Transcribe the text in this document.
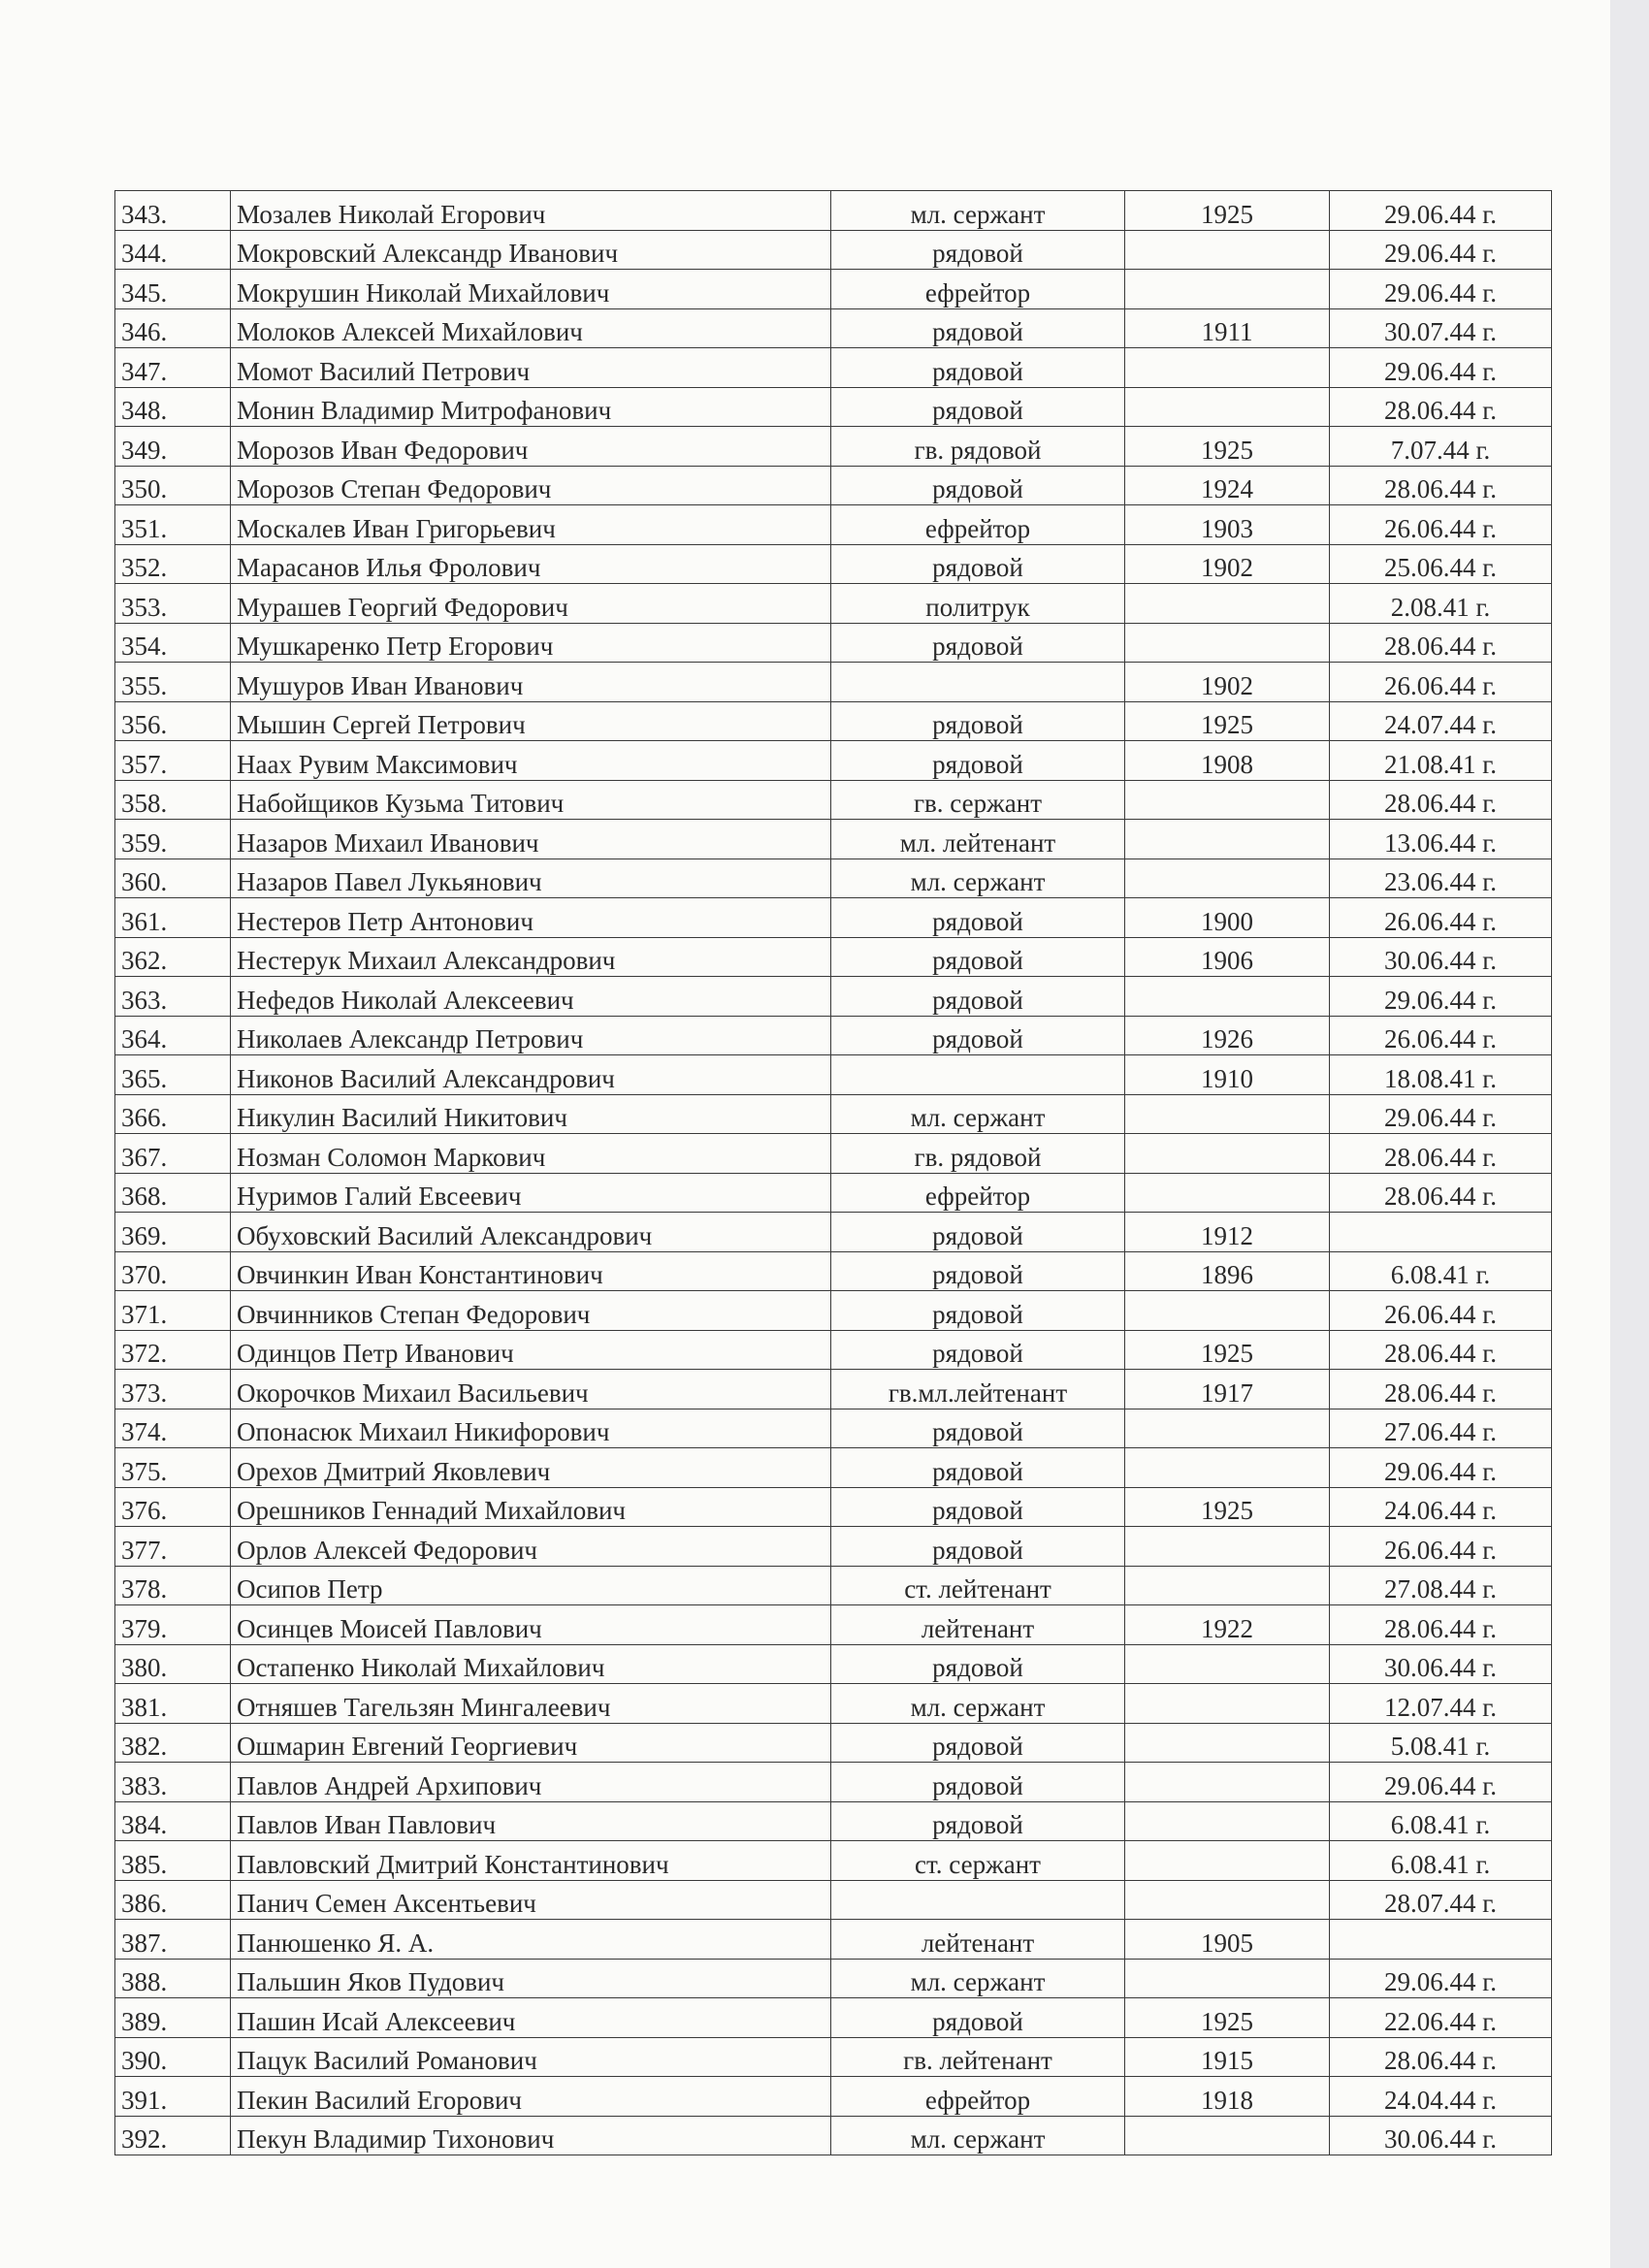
343.	Мозалев Николай Егорович	мл. сержант	1925	29.06.44 г.
344.	Мокровский Александр Иванович	рядовой		29.06.44 г.
345.	Мокрушин Николай Михайлович	ефрейтор		29.06.44 г.
346.	Молоков Алексей Михайлович	рядовой	1911	30.07.44 г.
347.	Момот Василий Петрович	рядовой		29.06.44 г.
348.	Монин Владимир Митрофанович	рядовой		28.06.44 г.
349.	Морозов Иван Федорович	гв. рядовой	1925	7.07.44 г.
350.	Морозов Степан Федорович	рядовой	1924	28.06.44 г.
351.	Москалев Иван Григорьевич	ефрейтор	1903	26.06.44 г.
352.	Марасанов Илья Фролович	рядовой	1902	25.06.44 г.
353.	Мурашев Георгий Федорович	политрук		2.08.41 г.
354.	Мушкаренко Петр Егорович	рядовой		28.06.44 г.
355.	Мушуров Иван Иванович		1902	26.06.44 г.
356.	Мышин Сергей Петрович	рядовой	1925	24.07.44 г.
357.	Наах Рувим Максимович	рядовой	1908	21.08.41 г.
358.	Набойщиков Кузьма Титович	гв. сержант		28.06.44 г.
359.	Назаров Михаил Иванович	мл. лейтенант		13.06.44 г.
360.	Назаров Павел Лукьянович	мл. сержант		23.06.44 г.
361.	Нестеров Петр Антонович	рядовой	1900	26.06.44 г.
362.	Нестерук Михаил Александрович	рядовой	1906	30.06.44 г.
363.	Нефедов Николай Алексеевич	рядовой		29.06.44 г.
364.	Николаев Александр Петрович	рядовой	1926	26.06.44 г.
365.	Никонов Василий Александрович		1910	18.08.41 г.
366.	Никулин Василий Никитович	мл. сержант		29.06.44 г.
367.	Нозман Соломон Маркович	гв. рядовой		28.06.44 г.
368.	Нуримов Галий Евсеевич	ефрейтор		28.06.44 г.
369.	Обуховский Василий Александрович	рядовой	1912	
370.	Овчинкин Иван Константинович	рядовой	1896	6.08.41 г.
371.	Овчинников Степан Федорович	рядовой		26.06.44 г.
372.	Одинцов Петр Иванович	рядовой	1925	28.06.44 г.
373.	Окорочков Михаил Васильевич	гв.мл.лейтенант	1917	28.06.44 г.
374.	Опонасюк Михаил Никифорович	рядовой		27.06.44 г.
375.	Орехов Дмитрий Яковлевич	рядовой		29.06.44 г.
376.	Орешников Геннадий Михайлович	рядовой	1925	24.06.44 г.
377.	Орлов Алексей Федорович	рядовой		26.06.44 г.
378.	Осипов Петр	ст. лейтенант		27.08.44 г.
379.	Осинцев Моисей Павлович	лейтенант	1922	28.06.44 г.
380.	Остапенко Николай Михайлович	рядовой		30.06.44 г.
381.	Отняшев Тагельзян Мингалеевич	мл. сержант		12.07.44 г.
382.	Ошмарин Евгений Георгиевич	рядовой		5.08.41 г.
383.	Павлов Андрей Архипович	рядовой		29.06.44 г.
384.	Павлов Иван Павлович	рядовой		6.08.41 г.
385.	Павловский Дмитрий Константинович	ст. сержант		6.08.41 г.
386.	Панич Семен Аксентьевич			28.07.44 г.
387.	Панюшенко Я. А.	лейтенант	1905	
388.	Пальшин Яков Пудович	мл. сержант		29.06.44 г.
389.	Пашин Исай Алексеевич	рядовой	1925	22.06.44 г.
390.	Пацук Василий Романович	гв. лейтенант	1915	28.06.44 г.
391.	Пекин Василий Егорович	ефрейтор	1918	24.04.44 г.
392.	Пекун Владимир Тихонович	мл. сержант		30.06.44 г.
